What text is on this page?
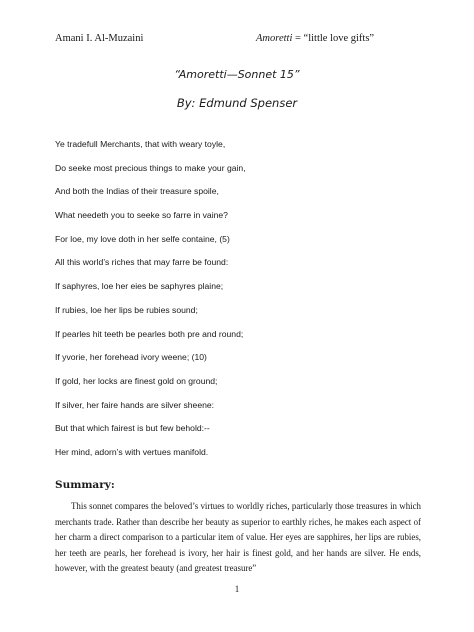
Amani I. Al-Muzaini	Amoretti = “little love gifts”
“Amoretti—Sonnet 15”
By: Edmund Spenser
Ye tradefull Merchants, that with weary toyle,
Do seeke most precious things to make your gain,
And both the Indias of their treasure spoile,
What needeth you to seeke so farre in vaine?
For loe, my love doth in her selfe containe, (5)
All this world’s riches that may farre be found:
If saphyres, loe her eies be saphyres plaine;
If rubies, loe her lips be rubies sound;
If pearles hit teeth be pearles both pre and round;
If yvorie, her forehead ivory weene; (10)
If gold, her locks are finest gold on ground;
If silver, her faire hands are silver sheene:
But that which fairest is but few behold:--
Her mind, adorn’s with vertues manifold.
Summary:

This sonnet compares the beloved’s virtues to worldly riches, particularly those treasures in which merchants trade. Rather than describe her beauty as superior to earthly riches, he makes each aspect of her charm a direct comparison to a particular item of value. Her eyes are sapphires, her lips are rubies, her teeth are pearls, her forehead is ivory, her hair is finest gold, and her hands are silver. He ends, however, with the greatest beauty (and greatest treasure”

1
